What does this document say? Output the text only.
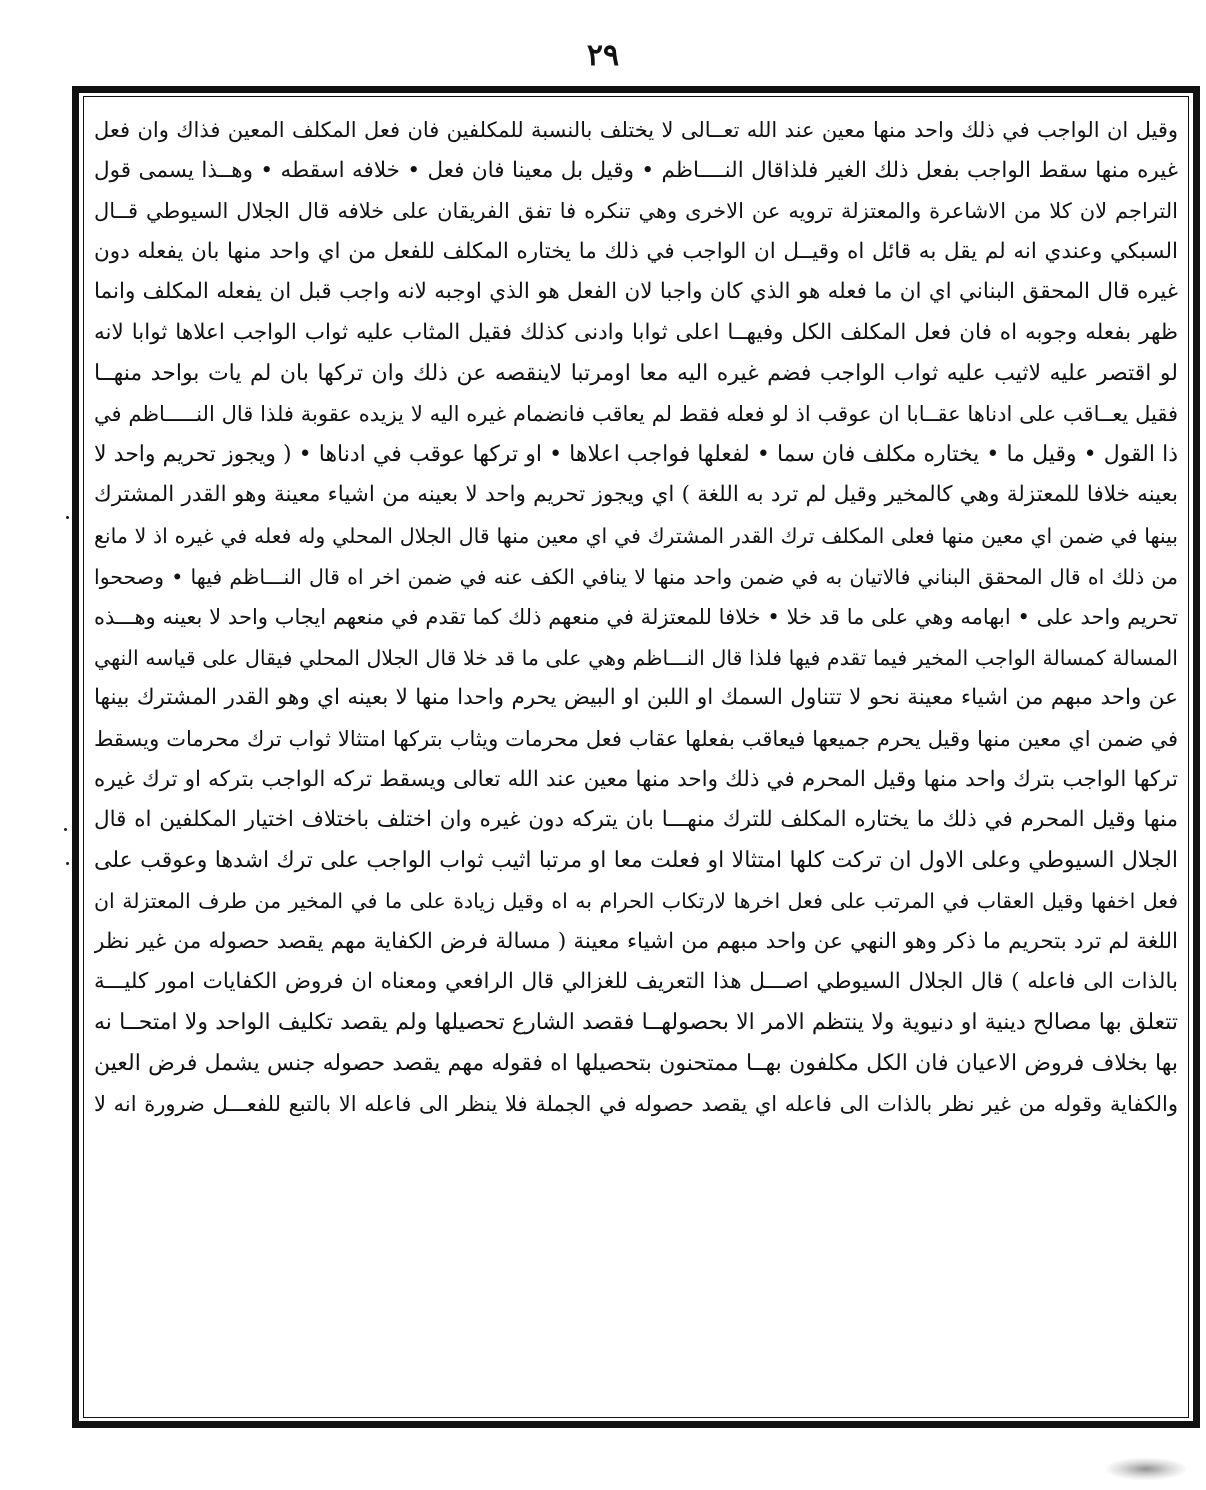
٢٩
وقيل ان الواجب في ذلك واحد منها معين عند الله تعــالى لا يختلف بالنسبة للمكلفين فان فعل المكلف المعين فذاك وان فعل
غيره منها سقط الواجب بفعل ذلك الغير فلذاقال النــــاظم • وقيل بل معينا فان فعل • خلافه اسقطه • وهــذا يسمى قول
التراجم لان كلا من الاشاعرة والمعتزلة ترويه عن الاخرى وهي تنكره فا تفق الفريقان على خلافه قال الجلال السيوطي قــال
السبكي وعندي انه لم يقل به قائل اه وقيــل ان الواجب في ذلك ما يختاره المكلف للفعل من اي واحد منها بان يفعله دون
غيره قال المحقق البناني اي ان ما فعله هو الذي كان واجبا لان الفعل هو الذي اوجبه لانه واجب قبل ان يفعله المكلف وانما
ظهر بفعله وجوبه اه فان فعل المكلف الكل وفيهــا اعلى ثوابا وادنى كذلك فقيل المثاب عليه ثواب الواجب اعلاها ثوابا لانه
لو اقتصر عليه لاثيب عليه ثواب الواجب فضم غيره اليه معا اومرتبا لاينقصه عن ذلك وان تركها بان لم يات بواحد منهــا
فقيل يعــاقب على ادناها عقــابا ان عوقب اذ لو فعله فقط لم يعاقب فانضمام غيره اليه لا يزيده عقوبة فلذا قال النـــــاظم في
ذا القول • وقيل ما • يختاره مكلف فان سما • لفعلها فواجب اعلاها • او تركها عوقب في ادناها • ( ويجوز تحريم واحد لا
بعينه خلافا للمعتزلة وهي كالمخير وقيل لم ترد به اللغة ) اي ويجوز تحريم واحد لا بعينه من اشياء معينة وهو القدر المشترك
بينها في ضمن اي معين منها فعلى المكلف ترك القدر المشترك في اي معين منها قال الجلال المحلي وله فعله في غيره اذ لا مانع
من ذلك اه قال المحقق البناني فالاتيان به في ضمن واحد منها لا ينافي الكف عنه في ضمن اخر اه قال النـــاظم فيها • وصححوا
تحريم واحد على • ابهامه وهي على ما قد خلا • خلافا للمعتزلة في منعهم ذلك كما تقدم في منعهم ايجاب واحد لا بعينه وهـــذه
المسالة كمسالة الواجب المخير فيما تقدم فيها فلذا قال النـــاظم وهي على ما قد خلا قال الجلال المحلي فيقال على قياسه النهي
عن واحد مبهم من اشياء معينة نحو لا تتناول السمك او اللبن او البيض يحرم واحدا منها لا بعينه اي وهو القدر المشترك بينها
في ضمن اي معين منها وقيل يحرم جميعها فيعاقب بفعلها عقاب فعل محرمات ويثاب بتركها امتثالا ثواب ترك محرمات ويسقط
تركها الواجب بترك واحد منها وقيل المحرم في ذلك واحد منها معين عند الله تعالى ويسقط تركه الواجب بتركه او ترك غيره
منها وقيل المحرم في ذلك ما يختاره المكلف للترك منهـــا بان يتركه دون غيره وان اختلف باختلاف اختيار المكلفين اه قال
الجلال السيوطي وعلى الاول ان تركت كلها امتثالا او فعلت معا او مرتبا اثيب ثواب الواجب على ترك اشدها وعوقب على
فعل اخفها وقيل العقاب في المرتب على فعل اخرها لارتكاب الحرام به اه وقيل زيادة على ما في المخير من طرف المعتزلة ان
اللغة لم ترد بتحريم ما ذكر وهو النهي عن واحد مبهم من اشياء معينة ( مسالة فرض الكفاية مهم يقصد حصوله من غير نظر
بالذات الى فاعله ) قال الجلال السيوطي اصـــل هذا التعريف للغزالي قال الرافعي ومعناه ان فروض الكفايات امور كليـــة
تتعلق بها مصالح دينية او دنيوية ولا ينتظم الامر الا بحصولهــا فقصد الشارع تحصيلها ولم يقصد تكليف الواحد ولا امتحــا نه
بها بخلاف فروض الاعيان فان الكل مكلفون بهــا ممتحنون بتحصيلها اه فقوله مهم يقصد حصوله جنس يشمل فرض العين
والكفاية وقوله من غير نظر بالذات الى فاعله اي يقصد حصوله في الجملة فلا ينظر الى فاعله الا بالتبع للفعـــل ضرورة انه لا
